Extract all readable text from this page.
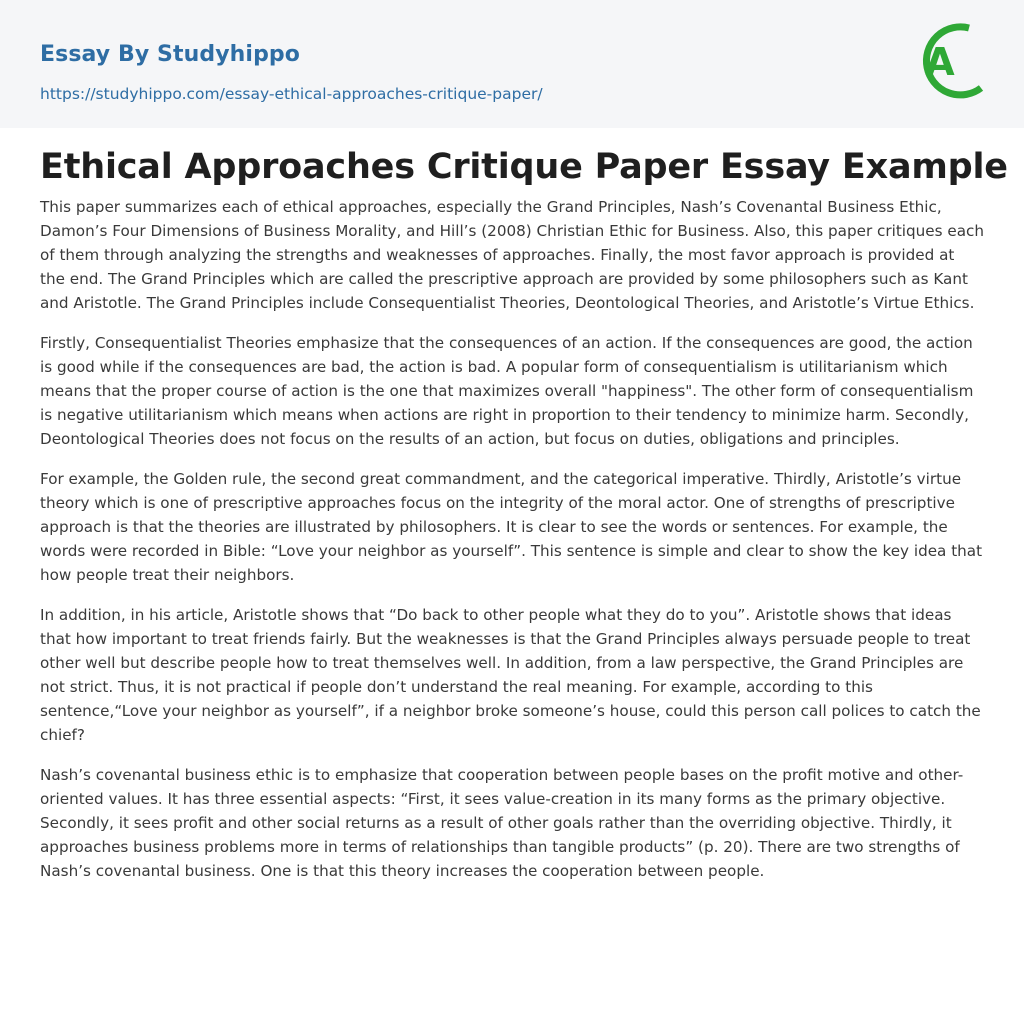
Essay By Studyhippo
https://studyhippo.com/essay-ethical-approaches-critique-paper/
A
Ethical Approaches Critique Paper Essay Example

This paper summarizes each of ethical approaches, especially the Grand Principles, Nash’s Covenantal Business Ethic, Damon’s Four Dimensions of Business Morality, and Hill’s (2008) Christian Ethic for Business. Also, this paper critiques each of them through analyzing the strengths and weaknesses of approaches. Finally, the most favor approach is provided at the end. The Grand Principles which are called the prescriptive approach are provided by some philosophers such as Kant and Aristotle. The Grand Principles include Consequentialist Theories, Deontological Theories, and Aristotle’s Virtue Ethics.

Firstly, Consequentialist Theories emphasize that the consequences of an action. If the consequences are good, the action is good while if the consequences are bad, the action is bad. A popular form of consequentialism is utilitarianism which means that the proper course of action is the one that maximizes overall "happiness". The other form of consequentialism is negative utilitarianism which means when actions are right in proportion to their tendency to minimize harm. Secondly, Deontological Theories does not focus on the results of an action, but focus on duties, obligations and principles.

For example, the Golden rule, the second great commandment, and the categorical imperative. Thirdly, Aristotle’s virtue theory which is one of prescriptive approaches focus on the integrity of the moral actor. One of strengths of prescriptive approach is that the theories are illustrated by philosophers. It is clear to see the words or sentences. For example, the words were recorded in Bible: “Love your neighbor as yourself”. This sentence is simple and clear to show the key idea that how people treat their neighbors.

In addition, in his article, Aristotle shows that “Do back to other people what they do to you”. Aristotle shows that ideas that how important to treat friends fairly. But the weaknesses is that the Grand Principles always persuade people to treat other well but describe people how to treat themselves well. In addition, from a law perspective, the Grand Principles are not strict. Thus, it is not practical if people don’t understand the real meaning. For example, according to this sentence,“Love your neighbor as yourself”, if a neighbor broke someone’s house, could this person call polices to catch the chief?

Nash’s covenantal business ethic is to emphasize that cooperation between people bases on the profit motive and other-oriented values. It has three essential aspects: “First, it sees value-creation in its many forms as the primary objective. Secondly, it sees profit and other social returns as a result of other goals rather than the overriding objective. Thirdly, it approaches business problems more in terms of relationships than tangible products” (p. 20). There are two strengths of Nash’s covenantal business. One is that this theory increases the cooperation between people.
